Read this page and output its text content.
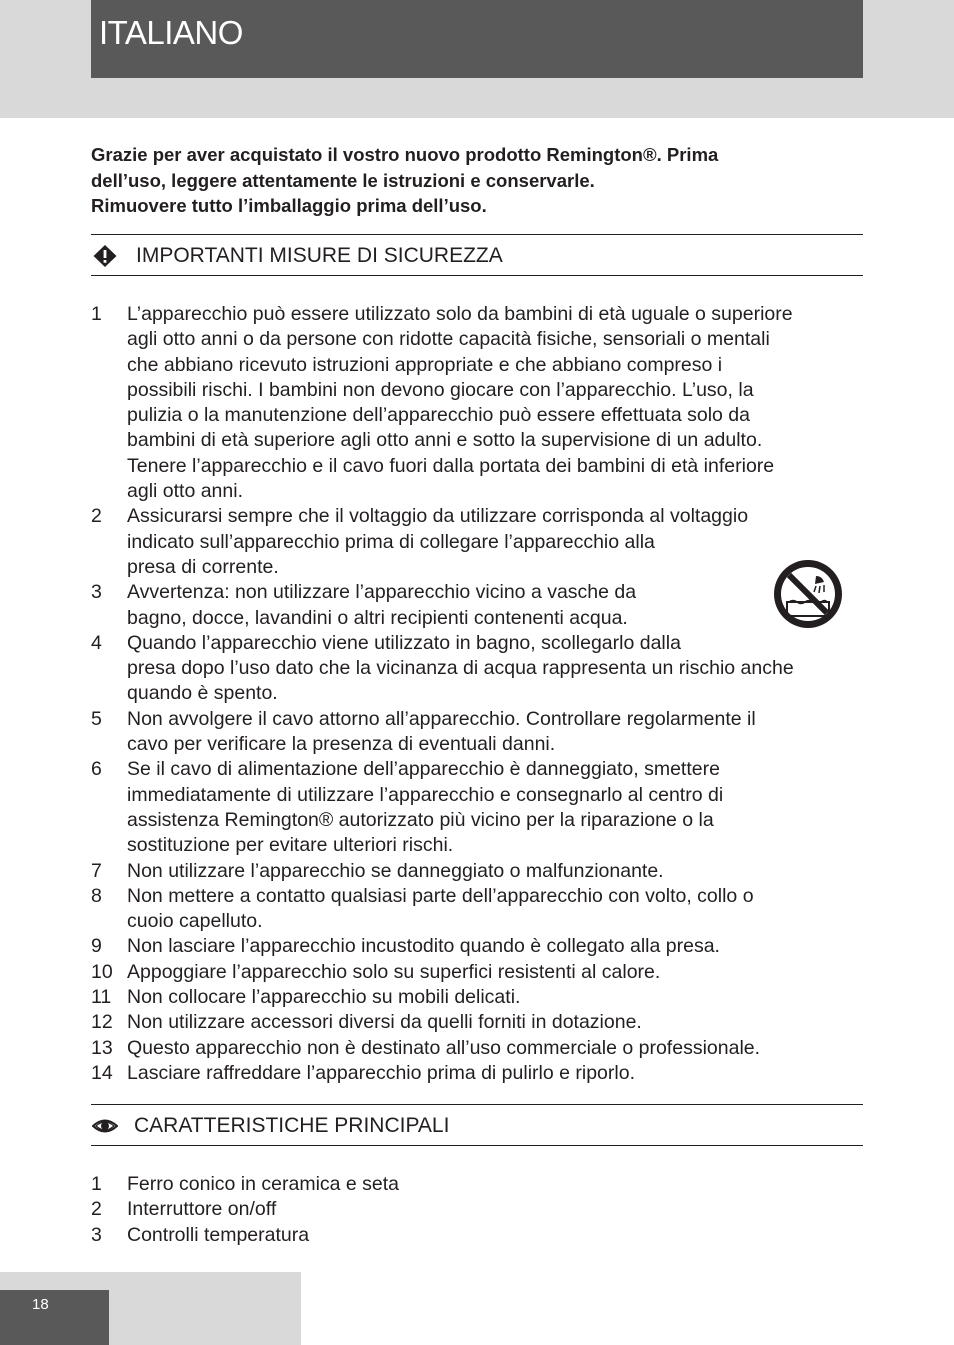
ITALIANO

Grazie per aver acquistato il vostro nuovo prodotto Remington®. Prima
dell’uso, leggere attentamente le istruzioni e conservarle.
Rimuovere tutto l’imballaggio prima dell’uso.

IMPORTANTI MISURE DI SICUREZZA
1 L’apparecchio può essere utilizzato solo da bambini di età uguale o superiore
agli otto anni o da persone con ridotte capacità fisiche, sensoriali o mentali
che abbiano ricevuto istruzioni appropriate e che abbiano compreso i
possibili rischi. I bambini non devono giocare con l’apparecchio. L’uso, la
pulizia o la manutenzione dell’apparecchio può essere effettuata solo da
bambini di età superiore agli otto anni e sotto la supervisione di un adulto.
Tenere l’apparecchio e il cavo fuori dalla portata dei bambini di età inferiore
agli otto anni.
2 Assicurarsi sempre che il voltaggio da utilizzare corrisponda al voltaggio
indicato sull’apparecchio prima di collegare l’apparecchio alla
presa di corrente.
3 Avvertenza: non utilizzare l’apparecchio vicino a vasche da
bagno, docce, lavandini o altri recipienti contenenti acqua.
4 Quando l’apparecchio viene utilizzato in bagno, scollegarlo dalla
presa dopo l’uso dato che la vicinanza di acqua rappresenta un rischio anche
quando è spento.
5 Non avvolgere il cavo attorno all’apparecchio. Controllare regolarmente il
cavo per verificare la presenza di eventuali danni.
6 Se il cavo di alimentazione dell’apparecchio è danneggiato, smettere
immediatamente di utilizzare l’apparecchio e consegnarlo al centro di
assistenza Remington® autorizzato più vicino per la riparazione o la
sostituzione per evitare ulteriori rischi.
7 Non utilizzare l’apparecchio se danneggiato o malfunzionante.
8 Non mettere a contatto qualsiasi parte dell’apparecchio con volto, collo o
cuoio capelluto.
9 Non lasciare l’apparecchio incustodito quando è collegato alla presa.
10 Appoggiare l’apparecchio solo su superfici resistenti al calore.
11 Non collocare l’apparecchio su mobili delicati.
12 Non utilizzare accessori diversi da quelli forniti in dotazione.
13 Questo apparecchio non è destinato all’uso commerciale o professionale.
14 Lasciare raffreddare l’apparecchio prima di pulirlo e riporlo.
CARATTERISTICHE PRINCIPALI
1 Ferro conico in ceramica e seta
2 Interruttore on/off
3 Controlli temperatura
18
